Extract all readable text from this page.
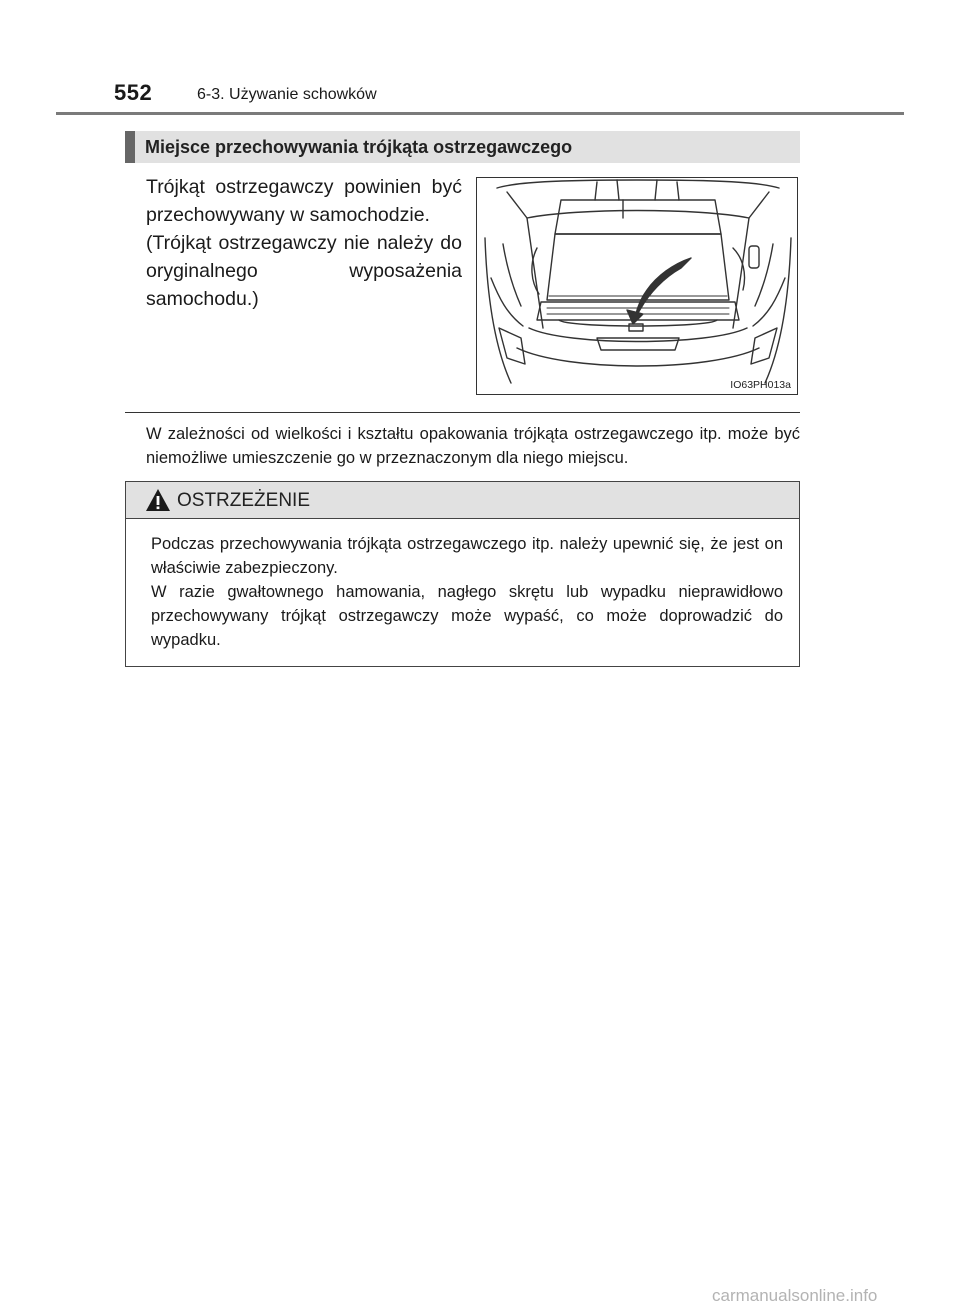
552	6-3. Używanie schowków
Miejsce przechowywania trójkąta ostrzegawczego

Trójkąt ostrzegawczy powinien być przechowywany w samochodzie.

(Trójkąt ostrzegawczy nie należy do oryginalnego wyposażenia samochodu.)

IO63PH013a

W zależności od wielkości i kształtu opakowania trójkąta ostrzegawczego itp. może być niemożliwe umieszczenie go w przeznaczonym dla niego miejscu.

OSTRZEŻENIE

Podczas przechowywania trójkąta ostrzegawczego itp. należy upewnić się, że jest on właściwie zabezpieczony.

W razie gwałtownego hamowania, nagłego skrętu lub wypadku nieprawidłowo przechowywany trójkąt ostrzegawczy może wypaść, co może doprowadzić do wypadku.

carmanualsonline.info
